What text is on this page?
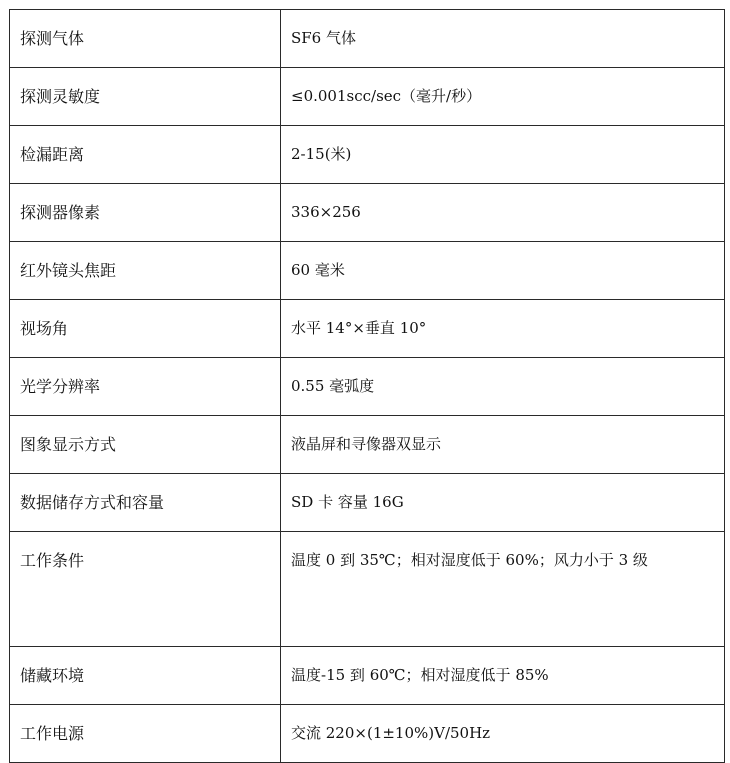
探测气体	SF6 气体
探测灵敏度	≤0.001scc/sec（毫升/秒）
检漏距离	2-15(米)
探测器像素	336×256
红外镜头焦距	60 毫米
视场角	水平 14°×垂直 10°
光学分辨率	0.55 毫弧度
图象显示方式	液晶屏和寻像器双显示
数据储存方式和容量	SD 卡 容量 16G
工作条件	温度 0 到 35℃；相对湿度低于 60%；风力小于 3 级
储藏环境	温度-15 到 60℃；相对湿度低于 85%
工作电源	交流 220×(1±10%)V/50Hz
